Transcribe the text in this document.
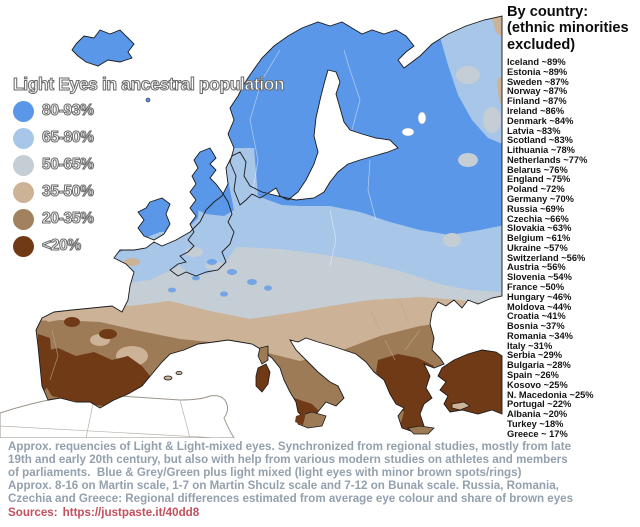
Light Eyes in ancestral population
80-93%
65-80%
50-65%
35-50%
20-35%
<20%
By country:
(ethnic minorities
excluded)
Iceland ~89%
Estonia ~89%
Sweden ~87%
Norway ~87%
Finland ~87%
Ireland ~86%
Denmark ~84%
Latvia ~83%
Scotland ~83%
Lithuania ~78%
Netherlands ~77%
Belarus ~76%
England ~75%
Poland ~72%
Germany ~70%
Russia ~69%
Czechia ~66%
Slovakia ~63%
Belgium ~61%
Ukraine ~57%
Switzerland ~56%
Austria ~56%
Slovenia ~54%
France ~50%
Hungary ~46%
Moldova ~44%
Croatia ~41%
Bosnia ~37%
Romania ~34%
Italy ~31%
Serbia ~29%
Bulgaria ~28%
Spain ~26%
Kosovo ~25%
N. Macedonia ~25%
Portugal ~22%
Albania ~20%
Turkey ~18%
Greece ~ 17%
Approx. requencies of Light & Light-mixed eyes. Synchronized from regional studies, mostly from late
19th and early 20th century, but also with help from various modern studies on athletes and members
of parliaments.  Blue & Grey/Green plus light mixed (light eyes with minor brown spots/rings)
Approx. 8-16 on Martin scale, 1-7 on Martin Shculz scale and 7-12 on Bunak scale. Russia, Romania,
Czechia and Greece: Regional differences estimated from average eye colour and share of brown eyes
Sources: https://justpaste.it/40dd8
